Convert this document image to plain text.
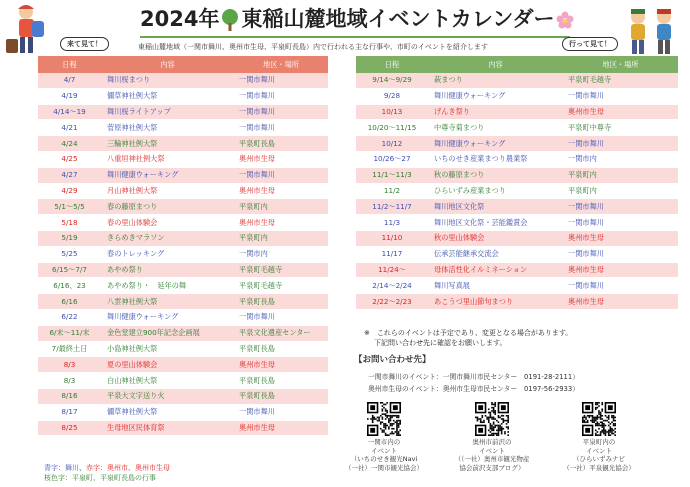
2024年 東稲山麓地域イベントカレンダー
来て見て！	行って見て！
東稲山麓地域（一関市舞川、奥州市生母、平泉町長島）内で行われる主な行事や、市町のイベントを紹介します
日程	内容	地区・場所
4/7	舞川桜まつり	一関市舞川
4/19	儞草神社例大祭	一関市舞川
4/14～19	舞川桜ライトアップ	一関市舞川
4/21	菅原神社例大祭	一関市舞川
4/24	三輪神社例大祭	平泉町長島
4/25	八重垣神社例大祭	奥州市生母
4/27	舞川健康ウォーキング	一関市舞川
4/29	月山神社例大祭	奥州市生母
5/1～5/5	春の藤原まつり	平泉町内
5/18	春の里山体験会	奥州市生母
5/19	きらめきマラソン	平泉町内
5/25	春のトレッキング	一関市内
6/15～7/7	あやめ祭り	平泉町毛越寺
6/16、23	あやめ祭り・　延年の舞	平泉町毛越寺
6/16	八雲神社例大祭	平泉町長島
6/22	舞川健康ウォーキング	一関市舞川
6/末～11/末	金色堂建立900年記念企画展	平泉文化遺産センター
7/最終土日	小島神社例大祭	平泉町長島
8/3	夏の里山体験会	奥州市生母
8/3	白山神社例大祭	平泉町長島
8/16	平泉大文字送り火	平泉町長島
8/17	儞草神社例大祭	一関市舞川
8/25	生母地区民体育祭	奥州市生母
日程	内容	地区・場所
9/14～9/29	萩まつり	平泉町毛越寺
9/28	舞川健康ウォーキング	一関市舞川
10/13	げんき祭り	奥州市生母
10/20～11/15	中尊寺菊まつり	平泉町中尊寺
10/12	舞川健康ウォーキング	一関市舞川
10/26～27	いちのせき産業まつり農業祭	一関市内
11/1～11/3	秋の藤原まつり	平泉町内
11/2	ひらいずみ産業まつり	平泉町内
11/2～11/7	舞川地区文化祭	一関市舞川
11/3	舞川地区文化祭・芸能鑑賞会	一関市舞川
11/10	秋の里山体験会	奥州市生母
11/17	伝承芸能継承交流会	一関市舞川
11/24～	母体活性化イルミネーション	奥州市生母
2/14～2/24	舞川写真展	一関市舞川
2/22～2/23	あこうづ里山節句まつり	奥州市生母
※　これらのイベントは予定であり、変更となる場合があります。
下記問い合わせ先に確認をお願いします。
【お問い合わせ先】
一関市舞川のイベント：一関市舞川市民センター　0191-28-2111）
奥州市生母のイベント：奥州市生母市民センター　0197-56-2933）
一関市内の
イベント
（いちのせき観光Navi
（一社）一関市観光協会）
奥州市前沢の
イベント
（（一社）奥州市観光物産
協会前沢支部ブログ）
平泉町内の
イベント
（ひらいずみナビ
（一社）平泉観光協会）
青字：舞川、赤字：奥州市、奥州市生母
桜色字：平泉町、平泉町長島の行事
